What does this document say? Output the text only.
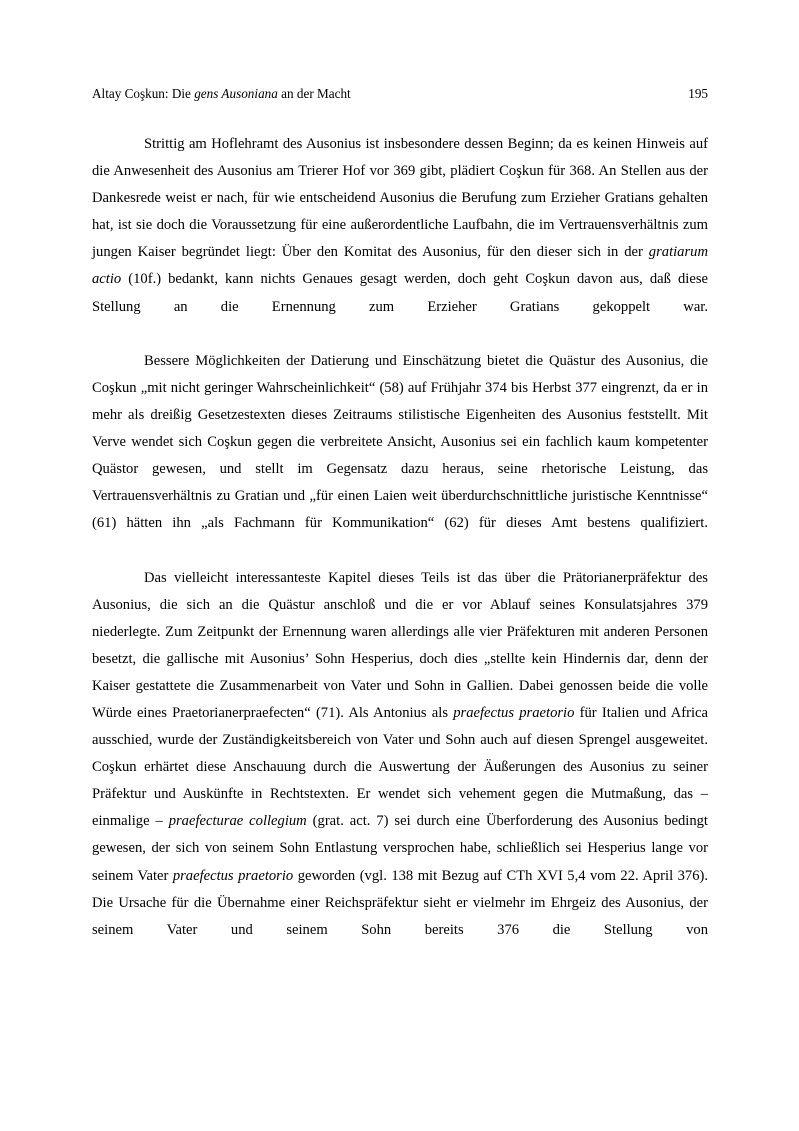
Altay Coşkun: Die gens Ausoniana an der Macht	195

Strittig am Hoflehramt des Ausonius ist insbesondere dessen Beginn; da es keinen Hinweis auf die Anwesenheit des Ausonius am Trierer Hof vor 369 gibt, plädiert Coşkun für 368. An Stellen aus der Dankesrede weist er nach, für wie entscheidend Ausonius die Berufung zum Erzieher Gratians gehalten hat, ist sie doch die Voraussetzung für eine außerordentliche Laufbahn, die im Vertrauensverhältnis zum jungen Kaiser begründet liegt: Über den Komitat des Ausonius, für den dieser sich in der gratiarum actio (10f.) bedankt, kann nichts Genaues gesagt werden, doch geht Coşkun davon aus, daß diese Stellung an die Ernennung zum Erzieher Gratians gekoppelt war.

Bessere Möglichkeiten der Datierung und Einschätzung bietet die Quästur des Ausonius, die Coşkun „mit nicht geringer Wahrscheinlichkeit“ (58) auf Frühjahr 374 bis Herbst 377 eingrenzt, da er in mehr als dreißig Gesetzestexten dieses Zeitraums stilistische Eigenheiten des Ausonius feststellt. Mit Verve wendet sich Coşkun gegen die verbreitete Ansicht, Ausonius sei ein fachlich kaum kompetenter Quästor gewesen, und stellt im Gegensatz dazu heraus, seine rhetorische Leistung, das Vertrauensverhältnis zu Gratian und „für einen Laien weit überdurchschnittliche juristische Kenntnisse“ (61) hätten ihn „als Fachmann für Kommunikation“ (62) für dieses Amt bestens qualifiziert.

Das vielleicht interessanteste Kapitel dieses Teils ist das über die Prätorianerpräfektur des Ausonius, die sich an die Quästur anschloß und die er vor Ablauf seines Konsulatsjahres 379 niederlegte. Zum Zeitpunkt der Ernennung waren allerdings alle vier Präfekturen mit anderen Personen besetzt, die gallische mit Ausonius’ Sohn Hesperius, doch dies „stellte kein Hindernis dar, denn der Kaiser gestattete die Zusammenarbeit von Vater und Sohn in Gallien. Dabei genossen beide die volle Würde eines Praetorianerpraefecten“ (71). Als Antonius als praefectus praetorio für Italien und Africa ausschied, wurde der Zuständigkeitsbereich von Vater und Sohn auch auf diesen Sprengel ausgeweitet. Coşkun erhärtet diese Anschauung durch die Auswertung der Äußerungen des Ausonius zu seiner Präfektur und Auskünfte in Rechtstexten. Er wendet sich vehement gegen die Mutmaßung, das – einmalige – praefecturae collegium (grat. act. 7) sei durch eine Überforderung des Ausonius bedingt gewesen, der sich von seinem Sohn Entlastung versprochen habe, schließlich sei Hesperius lange vor seinem Vater praefectus praetorio geworden (vgl. 138 mit Bezug auf CTh XVI 5,4 vom 22. April 376). Die Ursache für die Übernahme einer Reichspräfektur sieht er vielmehr im Ehrgeiz des Ausonius, der seinem Vater und seinem Sohn bereits 376 die Stellung von
